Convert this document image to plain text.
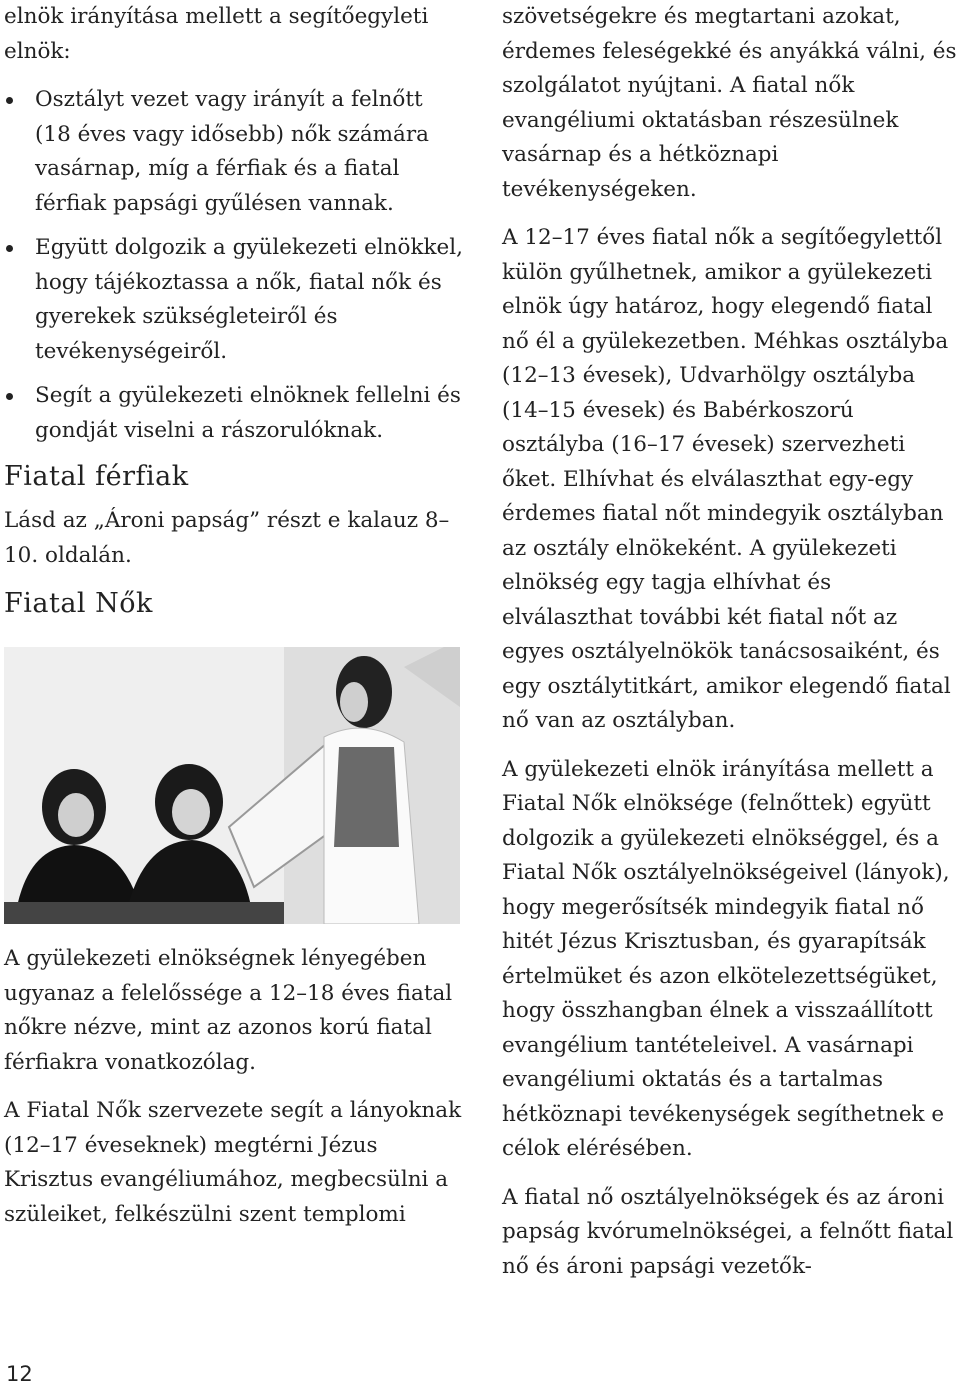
elnök irányítása mellett a segítőegyleti elnök:

Osztályt vezet vagy irányít a felnőtt (18 éves vagy idősebb) nők számára vasárnap, míg a férfiak és a fiatal férfiak papsági gyűlésen vannak.
Együtt dolgozik a gyülekezeti elnökkel, hogy tájékoztassa a nők, fiatal nők és gyerekek szükségleteiről és tevékenységeiről.
Segít a gyülekezeti elnöknek fellelni és gondját viselni a rászorulóknak.
Fiatal férfiak

Lásd az „Ároni papság” részt e kalauz 8–10. oldalán.

Fiatal Nők

A gyülekezeti elnökségnek lényegében ugyanaz a felelőssége a 12–18 éves fiatal nőkre nézve, mint az azonos korú fiatal férfiakra vonatkozólag.

A Fiatal Nők szervezete segít a lányoknak (12–17 éveseknek) megtérni Jézus Krisztus evangéliumához, megbecsülni a szüleiket, felkészülni szent templomi

szövetségekre és megtartani azokat, érdemes feleségekké és anyákká válni, és szolgálatot nyújtani. A fiatal nők evangéliumi oktatásban részesülnek vasárnap és a hétköznapi tevékenységeken.

A 12–17 éves fiatal nők a segítőegylettől külön gyűlhetnek, amikor a gyülekezeti elnök úgy határoz, hogy elegendő fiatal nő él a gyülekezetben. Méhkas osztályba (12–13 évesek), Udvarhölgy osztályba (14–15 évesek) és Babérkoszorú osztályba (16–17 évesek) szervezheti őket. Elhívhat és elválaszthat egy-egy érdemes fiatal nőt mindegyik osztályban az osztály elnökeként. A gyülekezeti elnökség egy tagja elhívhat és elválaszthat további két fiatal nőt az egyes osztályelnökök tanácsosaiként, és egy osztálytitkárt, amikor elegendő fiatal nő van az osztályban.

A gyülekezeti elnök irányítása mellett a Fiatal Nők elnöksége (felnőttek) együtt dolgozik a gyülekezeti elnökséggel, és a Fiatal Nők osztályelnökségeivel (lányok), hogy megerősítsék mindegyik fiatal nő hitét Jézus Krisztusban, és gyarapítsák értelmüket és azon elkötelezettségüket, hogy összhangban élnek a visszaállított evangélium tantételeivel. A vasárnapi evangéliumi oktatás és a tartalmas hétköznapi tevékenységek segíthetnek e célok elérésében.

A fiatal nő osztályelnökségek és az ároni papság kvórumelnökségei, a felnőtt fiatal nő és ároni papsági vezetők-

12
